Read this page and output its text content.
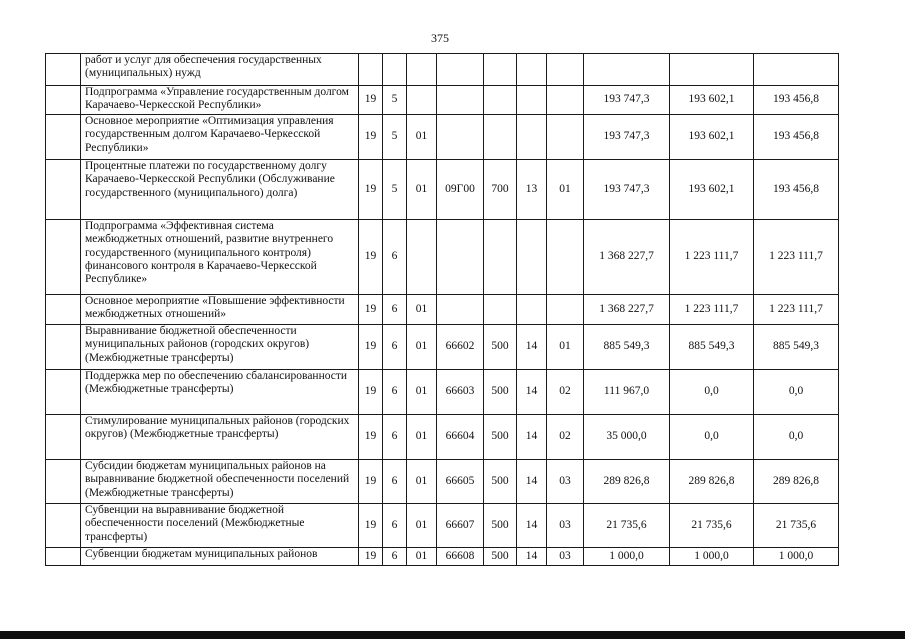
375
	работ и услуг для обеспечения государственных (муниципальных) нужд										
	Подпрограмма «Управление государственным долгом Карачаево-Черкесской Республики»	19	5						193 747,3	193 602,1	193 456,8
	Основное мероприятие «Оптимизация управления государственным долгом Карачаево-Черкесской Республики»	19	5	01					193 747,3	193 602,1	193 456,8
	Процентные платежи по государственному долгу Карачаево-Черкесской Республики (Обслуживание государственного (муниципального) долга)	19	5	01	09Г00	700	13	01	193 747,3	193 602,1	193 456,8
	Подпрограмма «Эффективная система межбюджетных отношений, развитие внутреннего государственного (муниципального контроля) финансового контроля в Карачаево-Черкесской Республике»	19	6						1 368 227,7	1 223 111,7	1 223 111,7
	Основное мероприятие «Повышение эффективности межбюджетных отношений»	19	6	01					1 368 227,7	1 223 111,7	1 223 111,7
	Выравнивание бюджетной обеспеченности муниципальных районов (городских округов) (Межбюджетные трансферты)	19	6	01	66602	500	14	01	885 549,3	885 549,3	885 549,3
	Поддержка мер по обеспечению сбалансированности (Межбюджетные трансферты)	19	6	01	66603	500	14	02	111 967,0	0,0	0,0
	Стимулирование муниципальных районов (городских округов) (Межбюджетные трансферты)	19	6	01	66604	500	14	02	35 000,0	0,0	0,0
	Субсидии бюджетам муниципальных районов на выравнивание бюджетной обеспеченности поселений (Межбюджетные трансферты)	19	6	01	66605	500	14	03	289 826,8	289 826,8	289 826,8
	Субвенции на выравнивание бюджетной обеспеченности поселений (Межбюджетные трансферты)	19	6	01	66607	500	14	03	21 735,6	21 735,6	21 735,6
	Субвенции бюджетам муниципальных районов	19	6	01	66608	500	14	03	1 000,0	1 000,0	1 000,0
